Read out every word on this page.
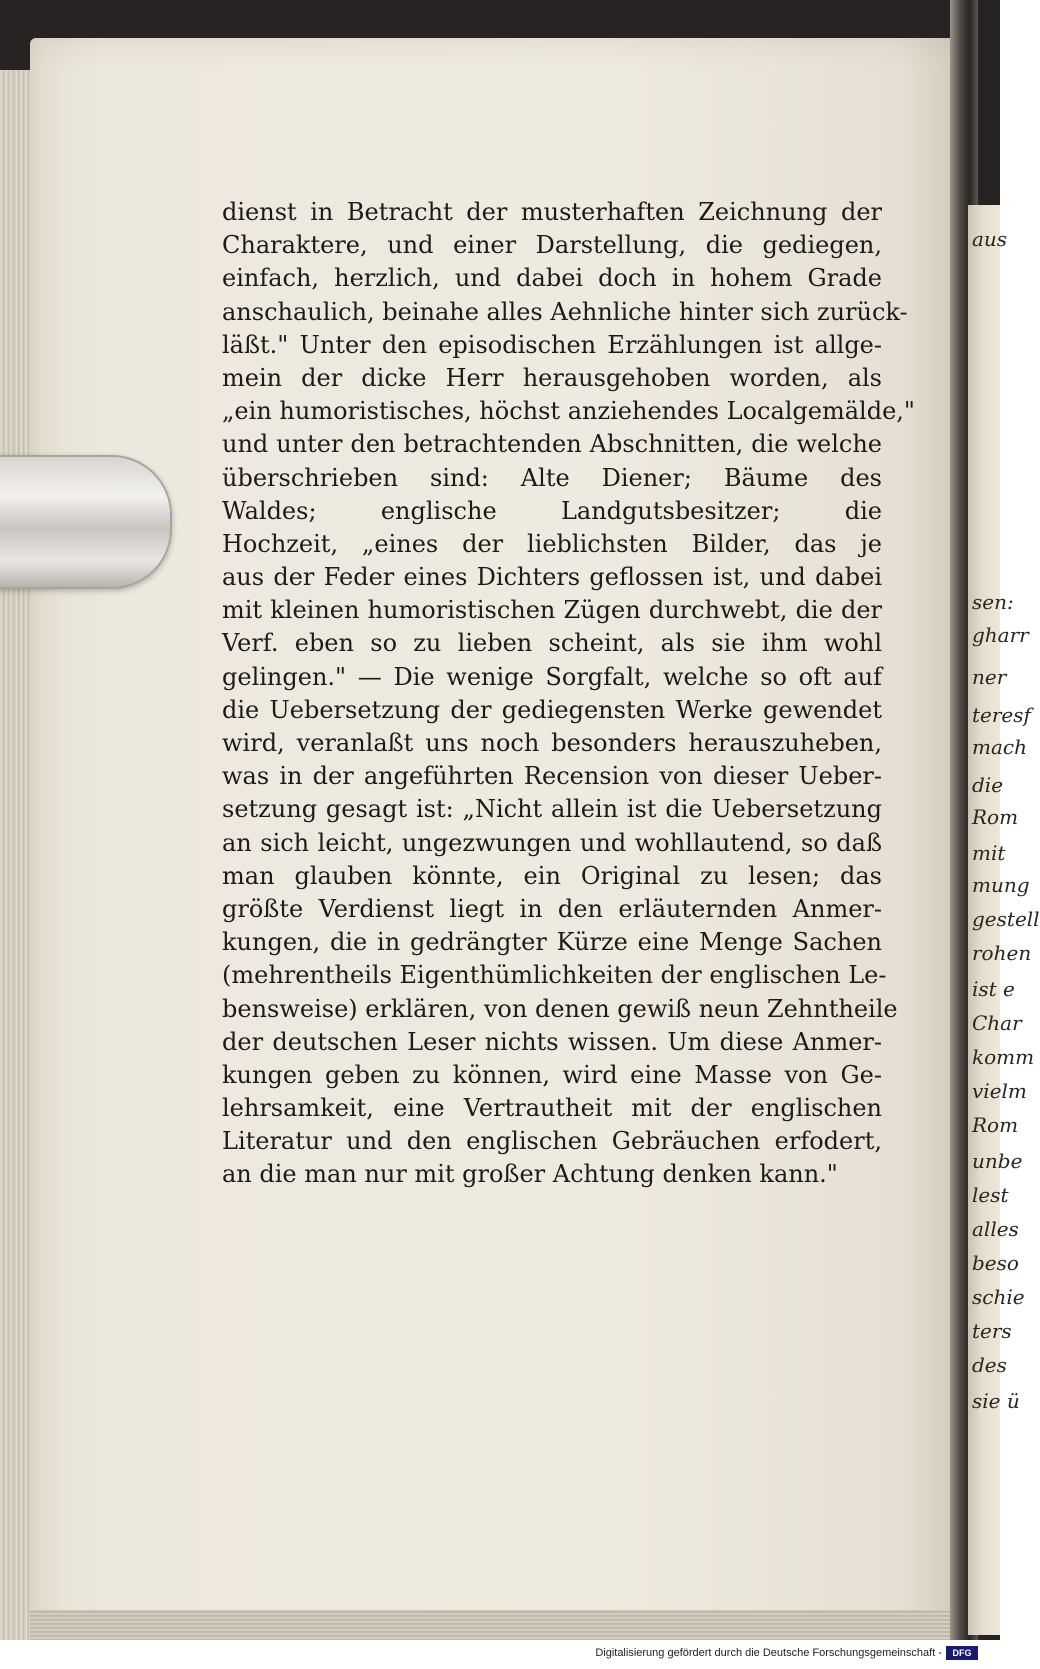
aus
sen:
gharr
ner
teresf
mach
die
Rom
mit
mung
gestell
rohen
ist e
Char
komm
vielm
Rom
unbe
lest
alles
beso
schie
ters
des
sie ü
dienst in Betracht der musterhaften Zeichnung der
Charaktere, und einer Darstellung, die gediegen,
einfach, herzlich, und dabei doch in hohem Grade
anschaulich, beinahe alles Aehnliche hinter sich zurück-
läßt." Unter den episodischen Erzählungen ist allge-
mein der dicke Herr herausgehoben worden, als
„ein humoristisches, höchst anziehendes Localgemälde,"
und unter den betrachtenden Abschnitten, die welche
überschrieben sind: Alte Diener; Bäume des
Waldes; englische Landgutsbesitzer; die
Hochzeit, „eines der lieblichsten Bilder, das je
aus der Feder eines Dichters geflossen ist, und dabei
mit kleinen humoristischen Zügen durchwebt, die der
Verf. eben so zu lieben scheint, als sie ihm wohl
gelingen." — Die wenige Sorgfalt, welche so oft auf
die Uebersetzung der gediegensten Werke gewendet
wird, veranlaßt uns noch besonders herauszuheben,
was in der angeführten Recension von dieser Ueber-
setzung gesagt ist: „Nicht allein ist die Uebersetzung
an sich leicht, ungezwungen und wohllautend, so daß
man glauben könnte, ein Original zu lesen; das
größte Verdienst liegt in den erläuternden Anmer-
kungen, die in gedrängter Kürze eine Menge Sachen
(mehrentheils Eigenthümlichkeiten der englischen Le-
bensweise) erklären, von denen gewiß neun Zehntheile
der deutschen Leser nichts wissen. Um diese Anmer-
kungen geben zu können, wird eine Masse von Ge-
lehrsamkeit, eine Vertrautheit mit der englischen
Literatur und den englischen Gebräuchen erfodert,
an die man nur mit großer Achtung denken kann."
Digitalisierung gefördert durch die Deutsche Forschungsgemeinschaft -	DFG
